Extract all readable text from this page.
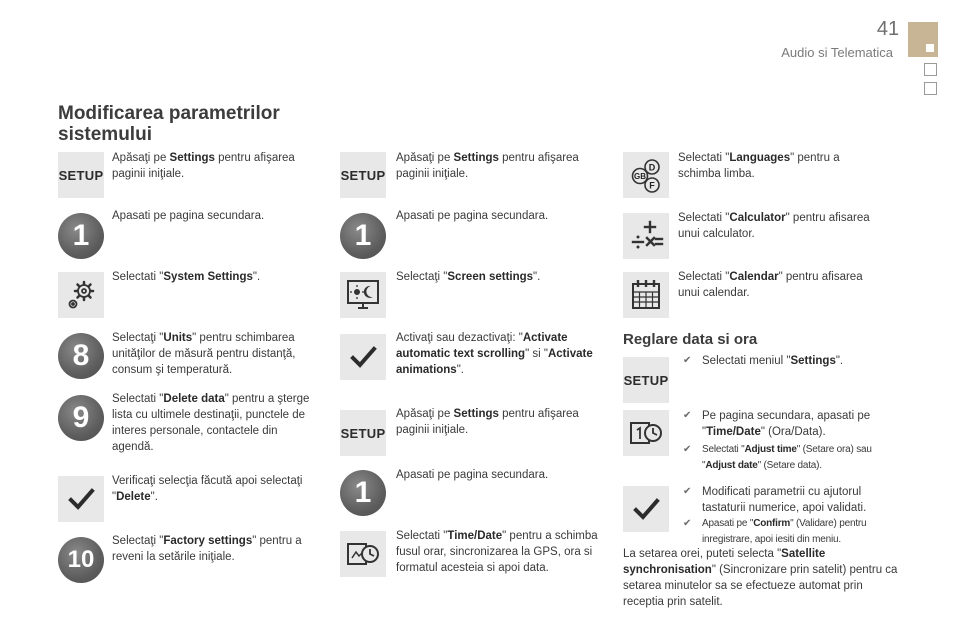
41
Audio si Telematica
Modificarea parametrilor sistemului
SETUP
Apăsaţi pe Settings pentru afişarea paginii iniţiale.
1
Apasati pe pagina secundara.
Selectati "System Settings".
8
Selectaţi "Units" pentru schimbarea unităţilor de măsură pentru distanţă, consum şi temperatură.
9
Selectati "Delete data" pentru a şterge lista cu ultimele destinaţii, punctele de interes personale, contactele din agendă.
Verificaţi selecţia făcută apoi selectaţi "Delete".
10
Selectaţi "Factory settings" pentru a reveni la setările iniţiale.
SETUP
Apăsaţi pe Settings pentru afişarea paginii iniţiale.
1
Apasati pe pagina secundara.
Selectaţi "Screen settings".
Activaţi sau dezactivaţi: "Activate automatic text scrolling" si "Activate animations".
SETUP
Apăsaţi pe Settings pentru afişarea paginii iniţiale.
1
Apasati pe pagina secundara.
Selectati "Time/Date" pentru a schimba fusul orar, sincronizarea la GPS, ora si formatul acesteia si apoi data.
D
GB
F
Selectati "Languages" pentru a schimba limba.
Selectati "Calculator" pentru afisarea unui calculator.
Selectati "Calendar" pentru afisarea unui calendar.
Reglare data si ora
SETUP
✔ Selectati meniul "Settings".
✔ Pe pagina secundara, apasati pe "Time/Date" (Ora/Data).
✔ Selectati "Adjust time" (Setare ora) sau "Adjust date" (Setare data).
✔ Modificati parametrii cu ajutorul tastaturii numerice, apoi validati.
✔ Apasati pe "Confirm" (Validare) pentru inregistrare, apoi iesiti din meniu.
La setarea orei, puteti selecta "Satellite synchronisation" (Sincronizare prin satelit) pentru ca setarea minutelor sa se efectueze automat prin receptia prin satelit.
